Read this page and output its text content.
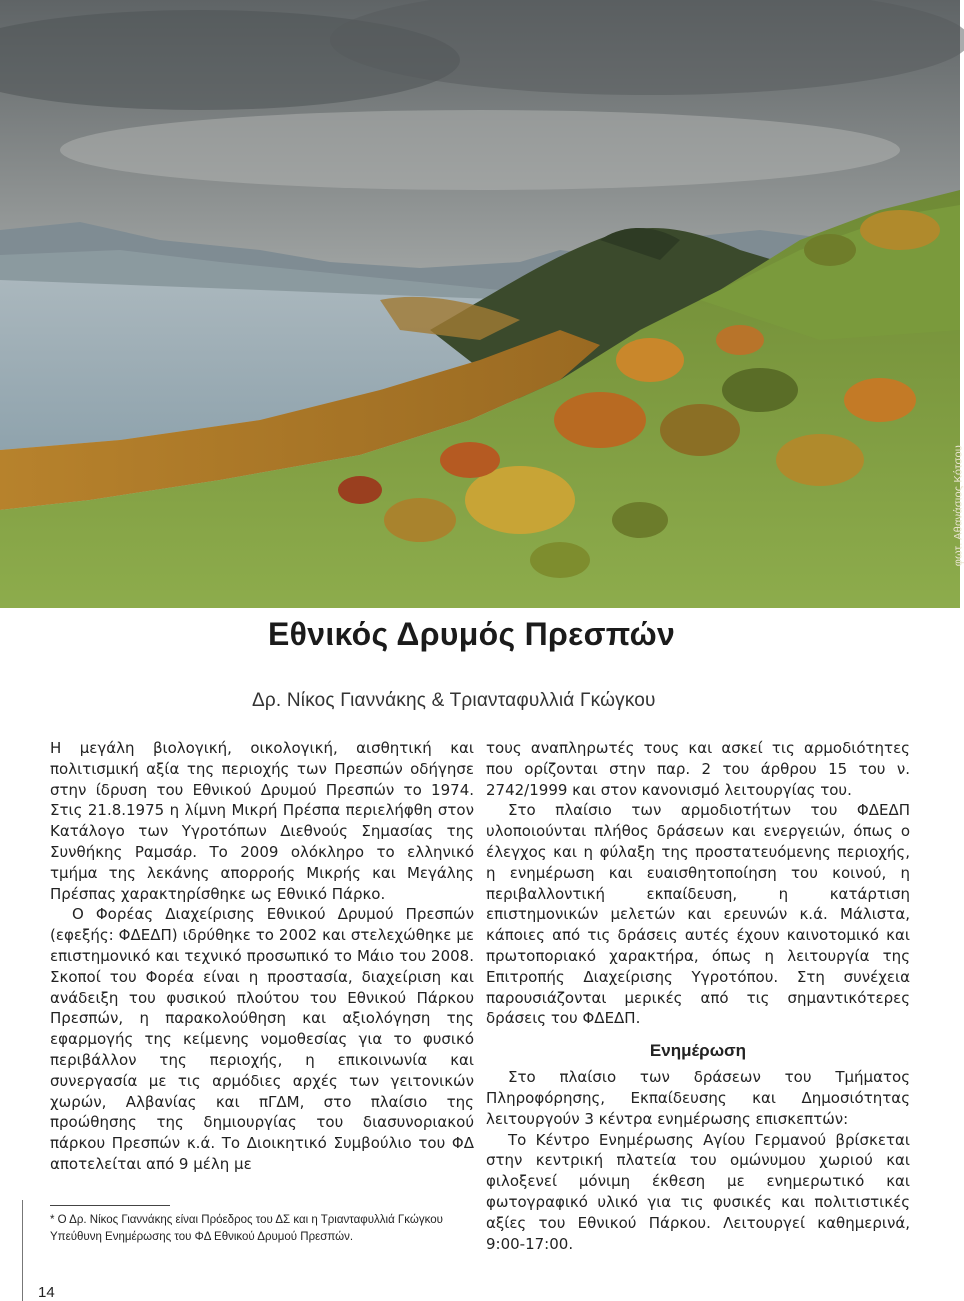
φωτ. Αθανάσιος Κότσου
Εθνικός Δρυμός Πρεσπών

Δρ. Νίκος Γιαννάκης & Τριανταφυλλιά Γκώγκου

Η μεγάλη βιολογική, οικολογική, αισθητική και πολιτισμική αξία της περιοχής των Πρεσπών οδήγησε στην ίδρυση του Εθνικού Δρυμού Πρεσπών το 1974. Στις 21.8.1975 η λίμνη Μικρή Πρέσπα περιελήφθη στον Κατάλογο των Υγροτόπων Διεθνούς Σημασίας της Συνθήκης Ραμσάρ. Το 2009 ολόκληρο το ελληνικό τμήμα της λεκάνης απορροής Μικρής και Μεγάλης Πρέσπας χαρακτηρίσθηκε ως Εθνικό Πάρκο.

Ο Φορέας Διαχείρισης Εθνικού Δρυμού Πρεσπών (εφεξής: ΦΔΕΔΠ) ιδρύθηκε το 2002 και στελεχώθηκε με επιστημονικό και τεχνικό προσωπικό το Μάιο του 2008. Σκοποί του Φορέα είναι η προστασία, διαχείριση και ανάδειξη του φυσικού πλούτου του Εθνικού Πάρκου Πρεσπών, η παρακολούθηση και αξιολόγηση της εφαρμογής της κείμενης νομοθεσίας για το φυσικό περιβάλλον της περιοχής, η επικοινωνία και συνεργασία με τις αρμόδιες αρχές των γειτονικών χωρών, Αλβανίας και πΓΔΜ, στο πλαίσιο της προώθησης της δημιουργίας του διασυνοριακού πάρκου Πρεσπών κ.ά. Το Διοικητικό Συμβούλιο του ΦΔ αποτελείται από 9 μέλη με

τους αναπληρωτές τους και ασκεί τις αρμοδιότητες που ορίζονται στην παρ. 2 του άρθρου 15 του ν. 2742/1999 και στον κανονισμό λειτουργίας του.

Στο πλαίσιο των αρμοδιοτήτων του ΦΔΕΔΠ υλοποιούνται πλήθος δράσεων και ενεργειών, όπως ο έλεγχος και η φύλαξη της προστατευόμενης περιοχής, η ενημέρωση και ευαισθητοποίηση του κοινού, η περιβαλλοντική εκπαίδευση, η κατάρτιση επιστημονικών μελετών και ερευνών κ.ά. Μάλιστα, κάποιες από τις δράσεις αυτές έχουν καινοτομικό και πρωτοποριακό χαρακτήρα, όπως η λειτουργία της Επιτροπής Διαχείρισης Υγροτόπου. Στη συνέχεια παρουσιάζονται μερικές από τις σημαντικότερες δράσεις του ΦΔΕΔΠ.

Ενημέρωση

Στο πλαίσιο των δράσεων του Τμήματος Πληροφόρησης, Εκπαίδευσης και Δημοσιότητας λειτουργούν 3 κέντρα ενημέρωσης επισκεπτών:

Το Κέντρο Ενημέρωσης Αγίου Γερμανού βρίσκεται στην κεντρική πλατεία του ομώνυμου χωριού και φιλοξενεί μόνιμη έκθεση με ενημερωτικό και φωτογραφικό υλικό για τις φυσικές και πολιτιστικές αξίες του Εθνικού Πάρκου. Λειτουργεί καθημερινά, 9:00-17:00.

* Ο Δρ. Νίκος Γιαννάκης είναι Πρόεδρος του ΔΣ και η Τριανταφυλλιά Γκώγκου Υπεύθυνη Ενημέρωσης του ΦΔ Εθνικού Δρυμού Πρεσπών.

14
